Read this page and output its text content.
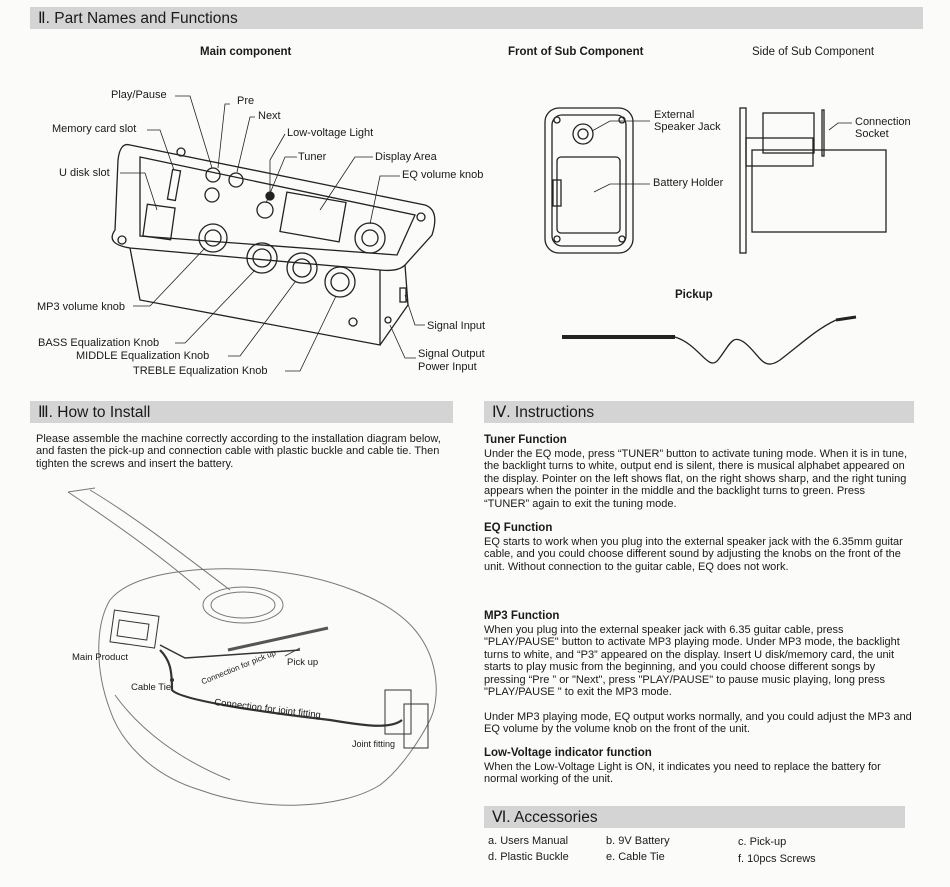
Ⅱ. Part Names and Functions
Ⅲ. How to Install	Ⅳ. Instructions
Ⅵ. Accessories
Main component	Front of Sub Component	Side of Sub Component
Play/Pause	Pre
Next
Memory card slot	Low-voltage Light
Tuner	Display Area
U disk slot	EQ volume knob
MP3 volume knob
Signal Input
BASS Equalization Knob
MIDDLE Equalization Knob
TREBLE Equalization Knob
Signal Output
Power Input
External
Speaker Jack
Battery Holder
Connection
Socket
Pickup
Please assemble the machine correctly according to the installation diagram below, and fasten the pick-up and connection cable with plastic buckle and cable tie. Then tighten the screws and insert the battery.
Main Product
Cable Tie
Connection for pick up Pick up
Connection for joint fitting
Joint fitting
Tuner Function
Under the EQ mode, press “TUNER” button to activate tuning mode. When it is in tune, the backlight turns to white, output end is silent, there is musical alphabet appeared on the display. Pointer on the left shows flat, on the right shows sharp, and the right tuning appears when the pointer in the middle and the backlight turns to green. Press “TUNER” again to exit the tuning mode.
EQ Function
EQ starts to work when you plug into the external speaker jack with the 6.35mm guitar cable, and you could choose different sound by adjusting the knobs on the front of the unit. Without connection to the guitar cable, EQ does not work.
MP3 Function
When you plug into the external speaker jack with 6.35 guitar cable, press "PLAY/PAUSE" button to activate MP3 playing mode. Under MP3 mode, the backlight turns to white, and “P3” appeared on the display. Insert U disk/memory card, the unit starts to play music from the beginning, and you could choose different songs by pressing “Pre ” or "Next", press "PLAY/PAUSE" to pause music playing, long press "PLAY/PAUSE " to exit the MP3 mode.
Under MP3 playing mode, EQ output works normally, and you could adjust the MP3 and EQ volume by the volume knob on the front of the unit.
Low-Voltage indicator function
When the Low-Voltage Light is ON, it indicates you need to replace the battery for normal working of the unit.
a. Users Manual	b. 9V Battery	c. Pick-up
d. Plastic Buckle	e. Cable Tie	f. 10pcs Screws
